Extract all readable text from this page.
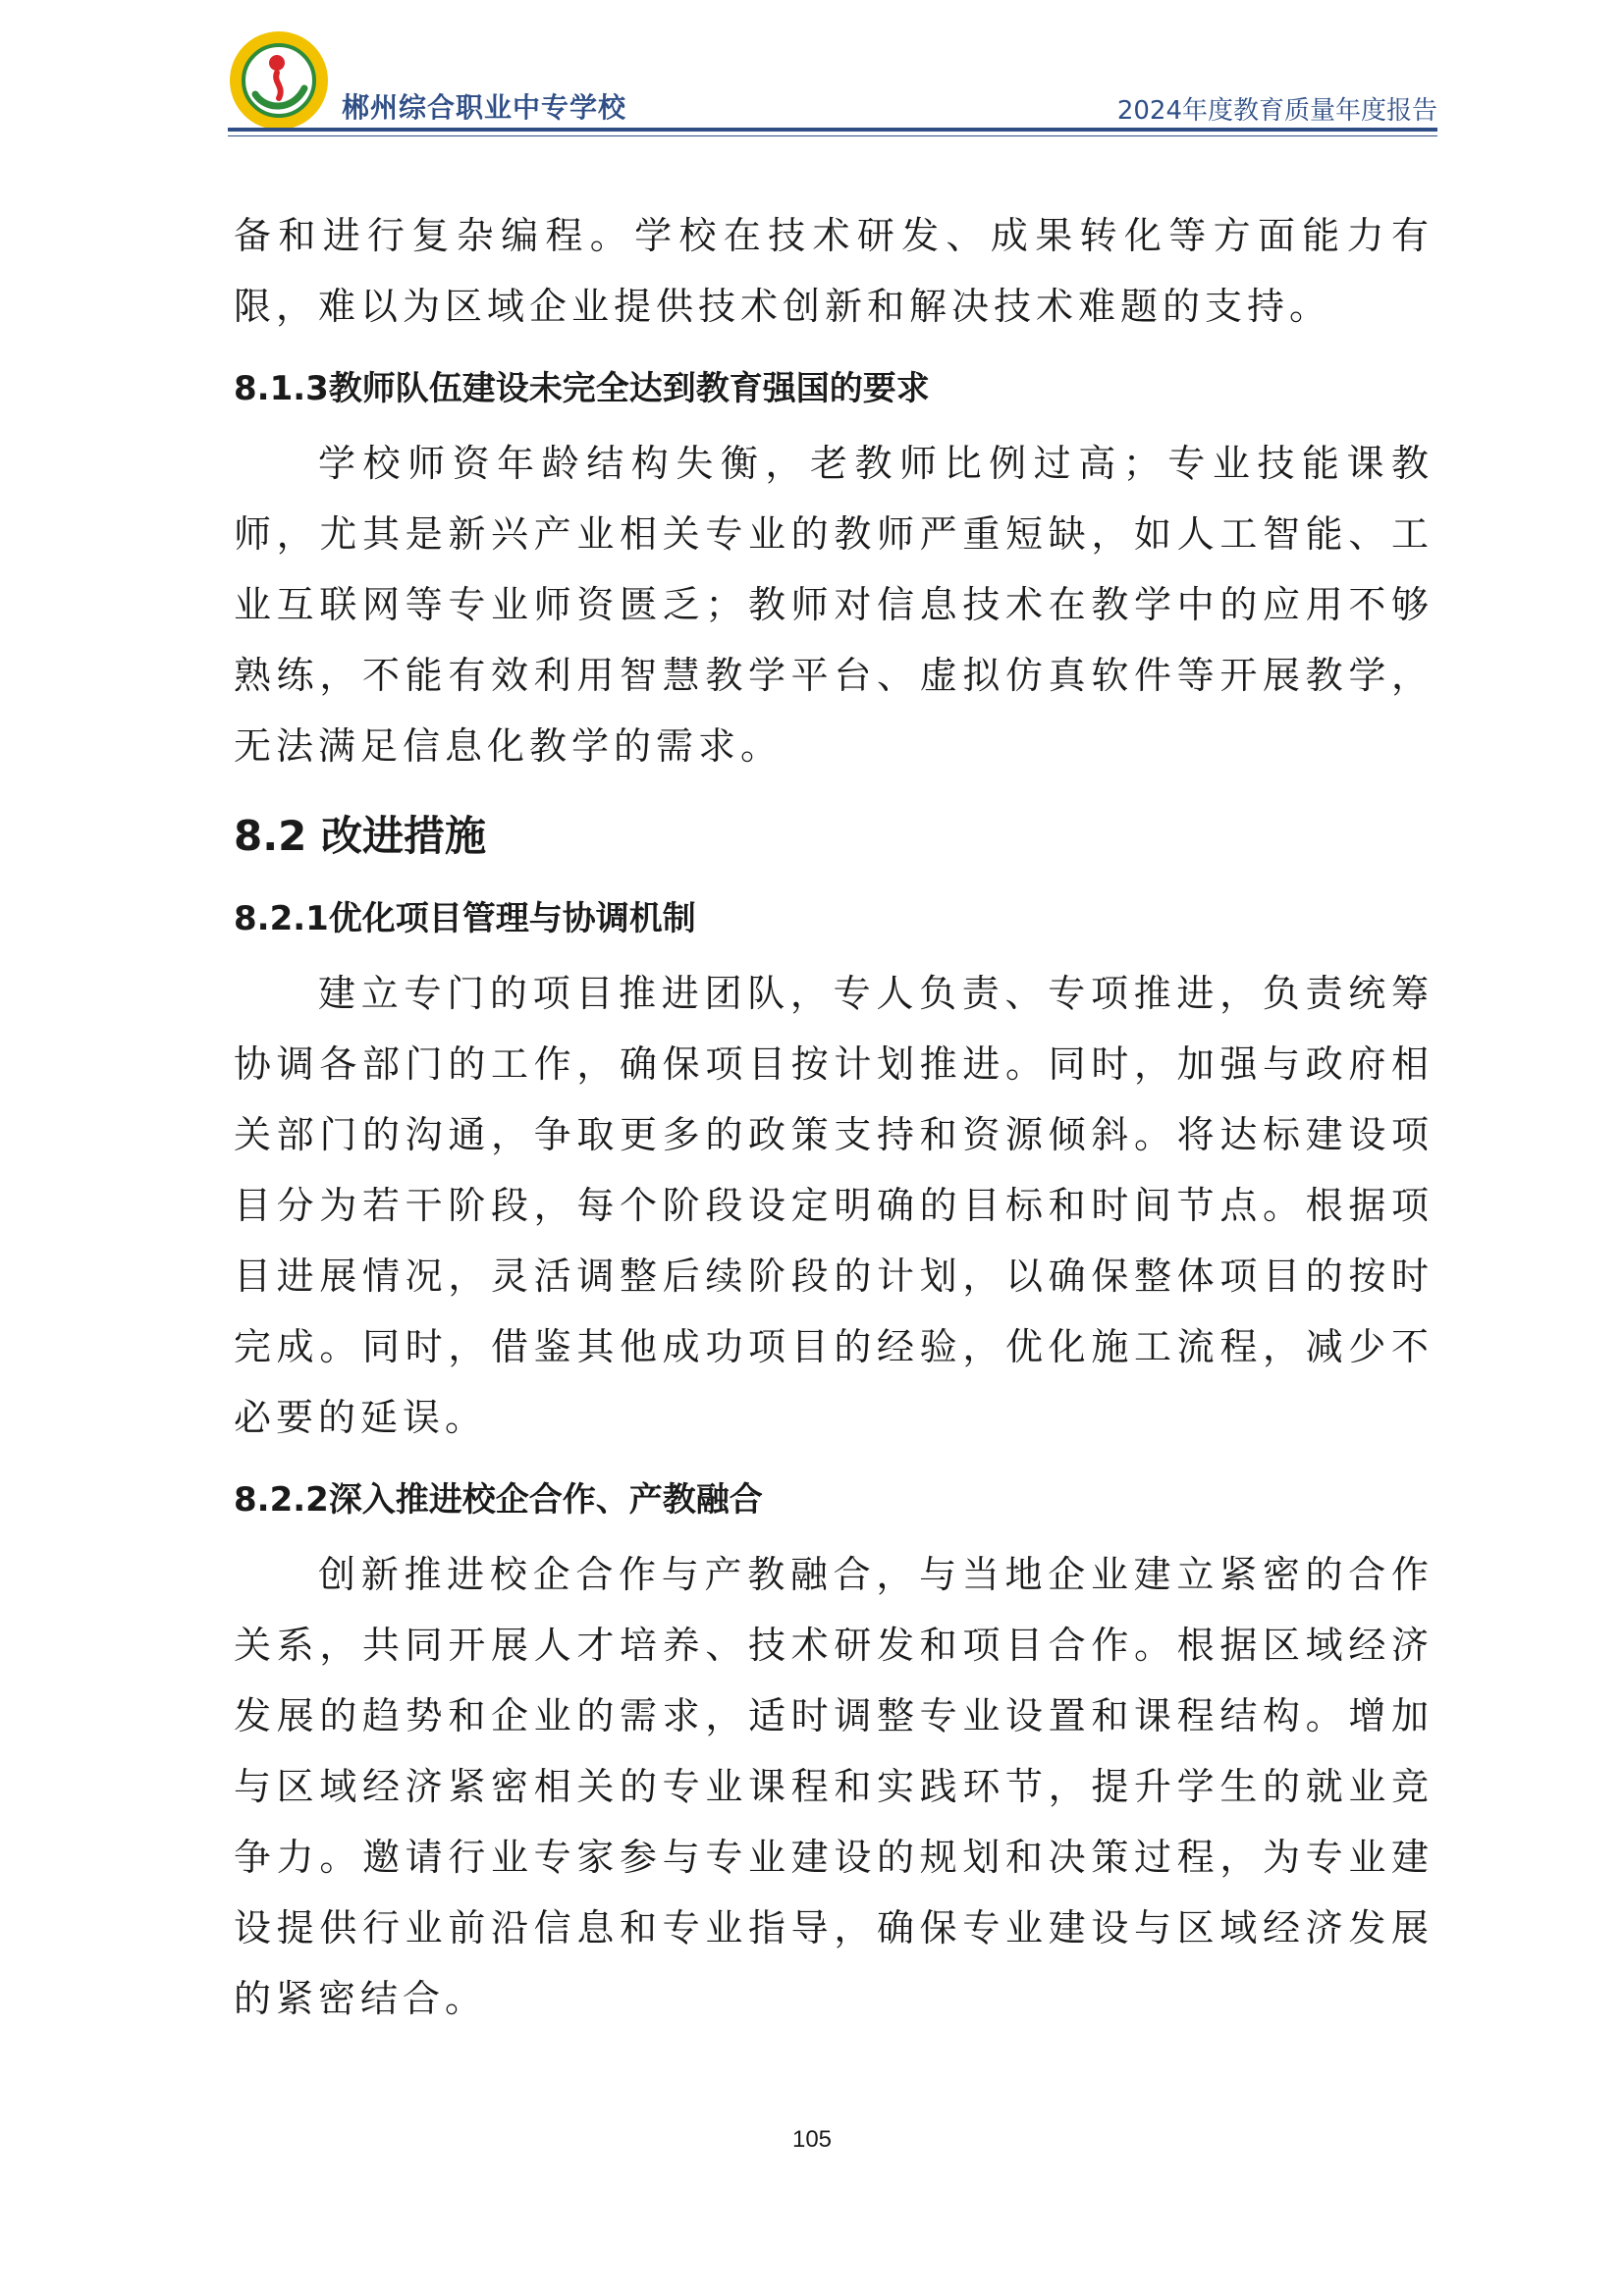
郴州综合职业中专学校	2024年度教育质量年度报告

备和进行复杂编程。学校在技术研发、成果转化等方面能力有限，难以为区域企业提供技术创新和解决技术难题的支持。

8.1.3教师队伍建设未完全达到教育强国的要求

学校师资年龄结构失衡，老教师比例过高；专业技能课教师，尤其是新兴产业相关专业的教师严重短缺，如人工智能、工业互联网等专业师资匮乏；教师对信息技术在教学中的应用不够熟练，不能有效利用智慧教学平台、虚拟仿真软件等开展教学，无法满足信息化教学的需求。

8.2 改进措施
8.2.1优化项目管理与协调机制

建立专门的项目推进团队，专人负责、专项推进，负责统筹协调各部门的工作，确保项目按计划推进。同时，加强与政府相关部门的沟通，争取更多的政策支持和资源倾斜。将达标建设项目分为若干阶段，每个阶段设定明确的目标和时间节点。根据项目进展情况，灵活调整后续阶段的计划，以确保整体项目的按时完成。同时，借鉴其他成功项目的经验，优化施工流程，减少不必要的延误。

8.2.2深入推进校企合作、产教融合

创新推进校企合作与产教融合，与当地企业建立紧密的合作关系，共同开展人才培养、技术研发和项目合作。根据区域经济发展的趋势和企业的需求，适时调整专业设置和课程结构。增加与区域经济紧密相关的专业课程和实践环节，提升学生的就业竞争力。邀请行业专家参与专业建设的规划和决策过程，为专业建设提供行业前沿信息和专业指导，确保专业建设与区域经济发展的紧密结合。

105
